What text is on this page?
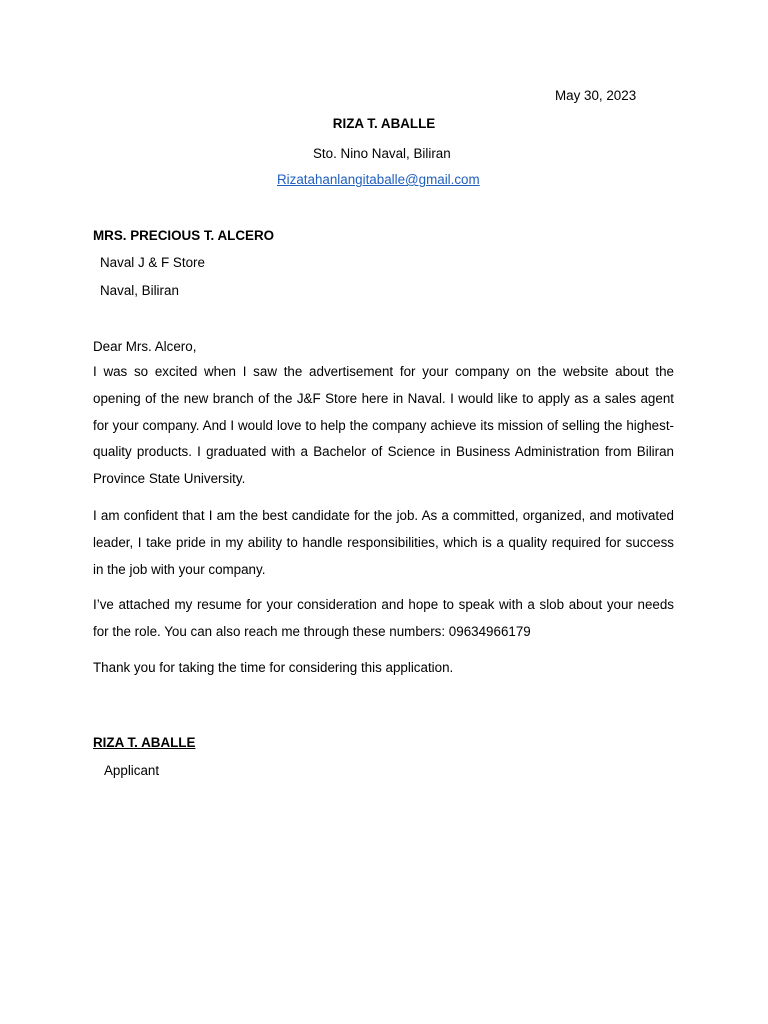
May 30, 2023
RIZA T. ABALLE
Sto. Nino Naval, Biliran
Rizatahanlangitaballe@gmail.com
MRS. PRECIOUS T. ALCERO
Naval J & F Store
Naval, Biliran
Dear Mrs. Alcero,
I was so excited when I saw the advertisement for your company on the website about the opening of the new branch of the J&F Store here in Naval. I would like to apply as a sales agent for your company. And I would love to help the company achieve its mission of selling the highest-quality products. I graduated with a Bachelor of Science in Business Administration from Biliran Province State University.
I am confident that I am the best candidate for the job. As a committed, organized, and motivated leader, I take pride in my ability to handle responsibilities, which is a quality required for success in the job with your company.
I’ve attached my resume for your consideration and hope to speak with a slob about your needs for the role. You can also reach me through these numbers: 09634966179
Thank you for taking the time for considering this application.
RIZA T. ABALLE
Applicant
